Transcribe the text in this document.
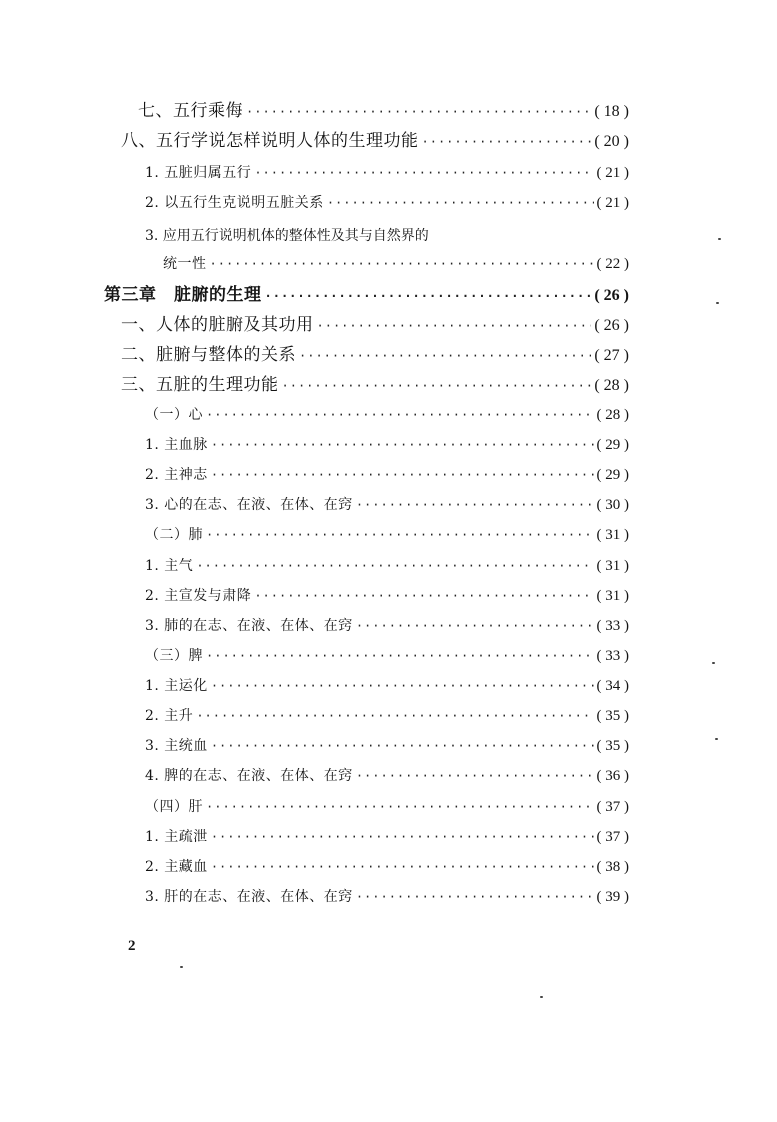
七、五行乘侮 ·····	( 18 )
八、五行学说怎样说明人体的生理功能 ·····	( 20 )
1. 五脏归属五行 ·····	( 21 )
2. 以五行生克说明五脏关系 ·····	( 21 )
3. 应用五行说明机体的整体性及其与自然界的
统一性 ·····	( 22 )
第三章　脏腑的生理 ·····	( 26 )
一、人体的脏腑及其功用 ·····	( 26 )
二、脏腑与整体的关系 ·····	( 27 )
三、五脏的生理功能 ·····	( 28 )
（一）心 ·····	( 28 )
1. 主血脉 ·····	( 29 )
2. 主神志 ·····	( 29 )
3. 心的在志、在液、在体、在窍 ·····	( 30 )
（二）肺 ·····	( 31 )
1. 主气 ·····	( 31 )
2. 主宣发与肃降 ·····	( 31 )
3. 肺的在志、在液、在体、在窍 ·····	( 33 )
（三）脾 ·····	( 33 )
1. 主运化 ·····	( 34 )
2. 主升 ·····	( 35 )
3. 主统血 ·····	( 35 )
4. 脾的在志、在液、在体、在窍 ·····	( 36 )
（四）肝 ·····	( 37 )
1. 主疏泄 ·····	( 37 )
2. 主藏血 ·····	( 38 )
3. 肝的在志、在液、在体、在窍 ·····	( 39 )
2
